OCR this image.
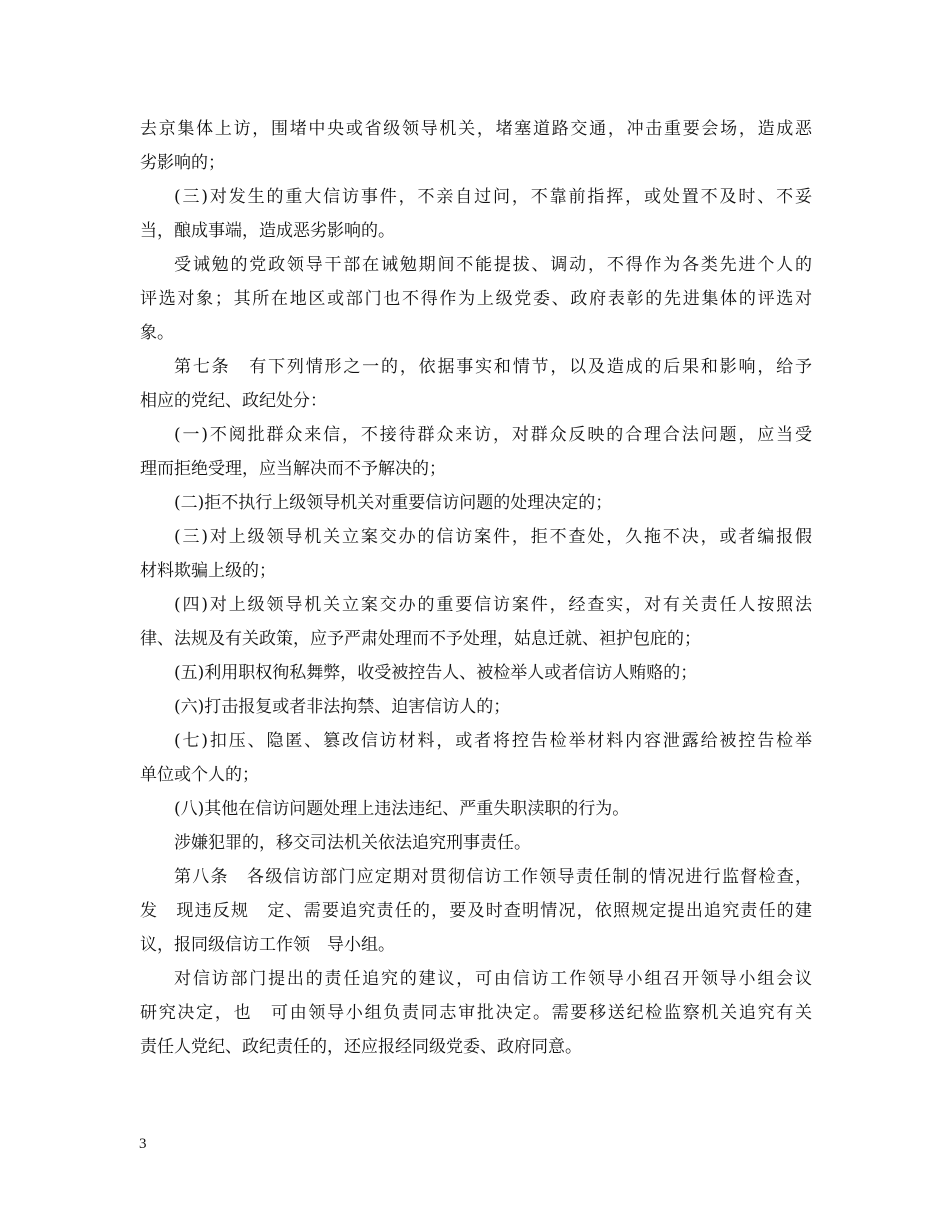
去京集体上访，围堵中央或省级领导机关，堵塞道路交通，冲击重要会场，造成恶
劣影响的；
(三)对发生的重大信访事件，不亲自过问，不靠前指挥，或处置不及时、不妥
当，酿成事端，造成恶劣影响的。
受诫勉的党政领导干部在诫勉期间不能提拔、调动，不得作为各类先进个人的
评选对象；其所在地区或部门也不得作为上级党委、政府表彰的先进集体的评选对
象。
第七条　有下列情形之一的，依据事实和情节，以及造成的后果和影响，给予
相应的党纪、政纪处分：
(一)不阅批群众来信，不接待群众来访，对群众反映的合理合法问题，应当受
理而拒绝受理，应当解决而不予解决的；
(二)拒不执行上级领导机关对重要信访问题的处理决定的；
(三)对上级领导机关立案交办的信访案件，拒不查处，久拖不决，或者编报假
材料欺骗上级的；
(四)对上级领导机关立案交办的重要信访案件，经查实，对有关责任人按照法
律、法规及有关政策，应予严肃处理而不予处理，姑息迁就、袒护包庇的；
(五)利用职权徇私舞弊，收受被控告人、被检举人或者信访人贿赂的；
(六)打击报复或者非法拘禁、迫害信访人的；
(七)扣压、隐匿、篡改信访材料，或者将控告检举材料内容泄露给被控告检举
单位或个人的；
(八)其他在信访问题处理上违法违纪、严重失职渎职的行为。
涉嫌犯罪的，移交司法机关依法追究刑事责任。
第八条　各级信访部门应定期对贯彻信访工作领导责任制的情况进行监督检查，
发　现违反规　定、需要追究责任的，要及时查明情况，依照规定提出追究责任的建
议，报同级信访工作领　导小组。
对信访部门提出的责任追究的建议，可由信访工作领导小组召开领导小组会议
研究决定，也　可由领导小组负责同志审批决定。需要移送纪检监察机关追究有关
责任人党纪、政纪责任的，还应报经同级党委、政府同意。
3
